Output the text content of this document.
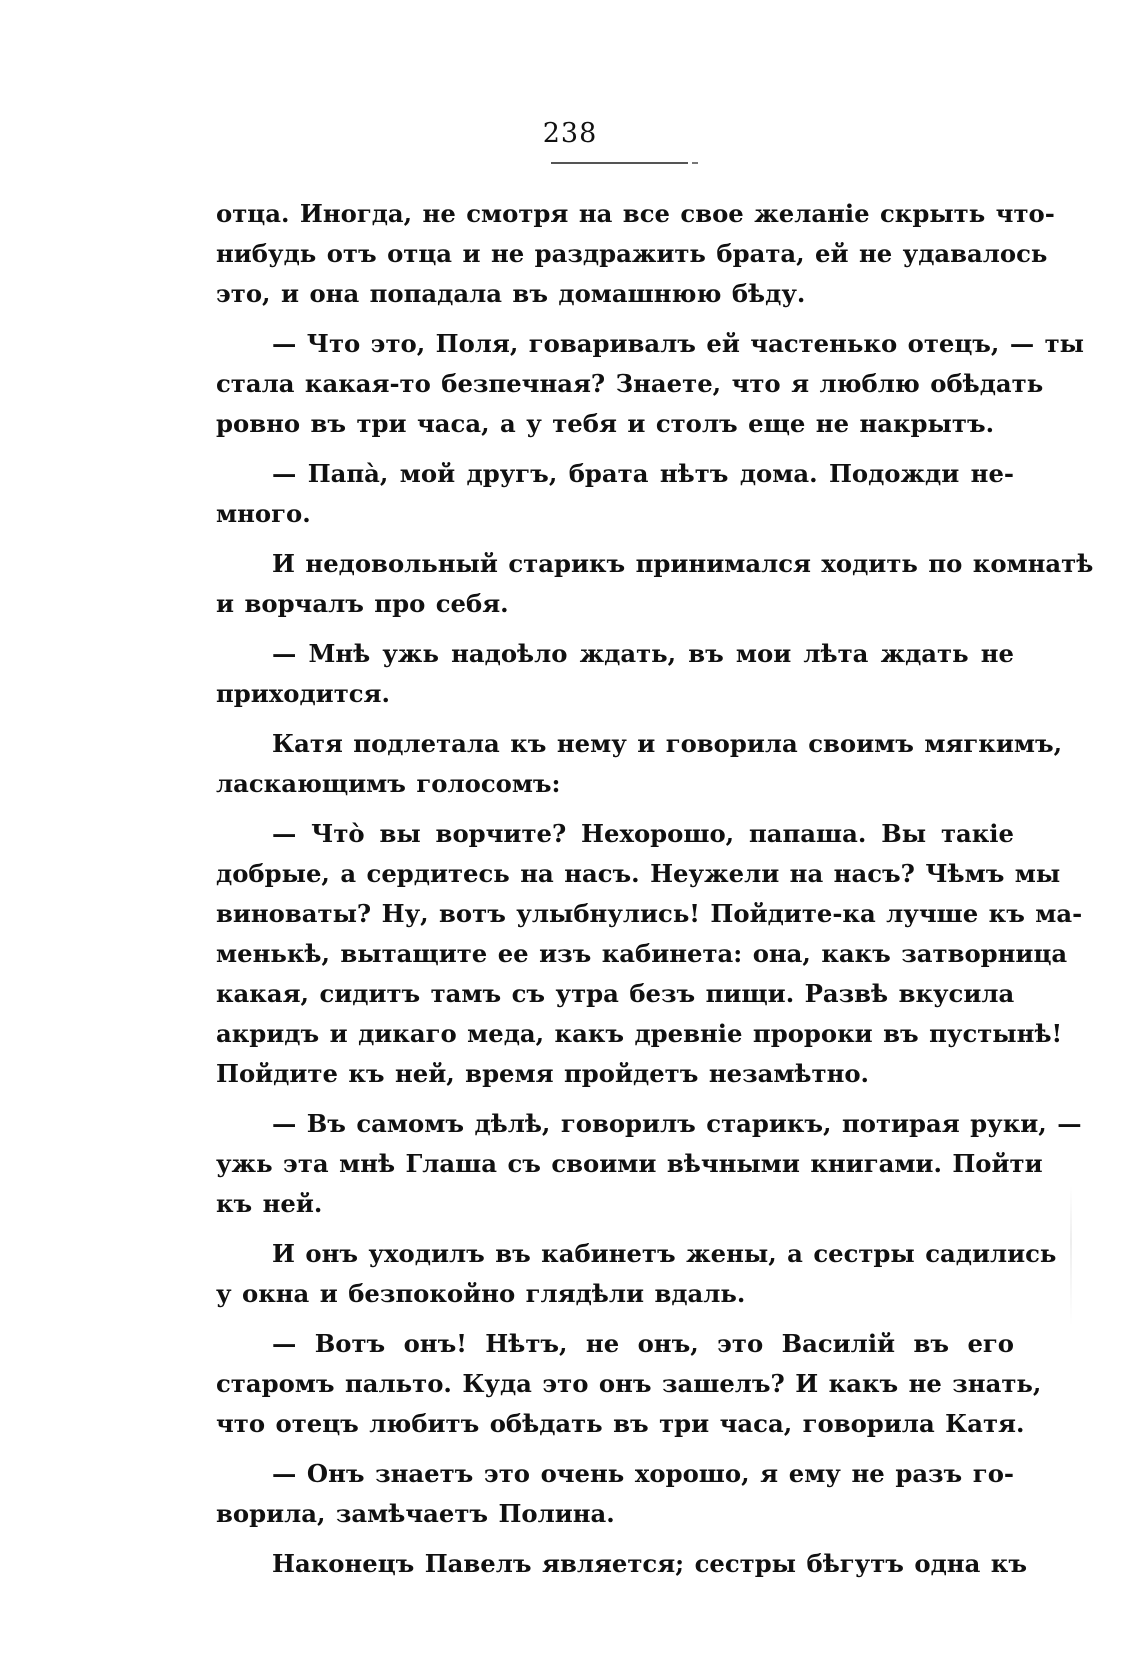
238
отца. Иногда, не смотря на все свое желаніе скрыть что-
нибудь отъ отца и не раздражить брата, ей не удавалось
это, и она попадала въ домашнюю бѣду.
— Что это, Поля, говаривалъ ей частенько отецъ, — ты
стала какая-то безпечная? Знаете, что я люблю обѣдать
ровно въ три часа, а у тебя и столъ еще не накрытъ.
— Папа̀, мой другъ, брата нѣтъ дома. Подожди не-
много.
И недовольный старикъ принимался ходить по комнатѣ
и ворчалъ про себя.
— Мнѣ ужь надоѣло ждать, въ мои лѣта ждать не
приходится.
Катя подлетала къ нему и говорила своимъ мягкимъ,
ласкающимъ голосомъ:
— Что̀ вы ворчите? Нехорошо, папаша. Вы такіе
добрые, а сердитесь на насъ. Неужели на насъ? Чѣмъ мы
виноваты? Ну, вотъ улыбнулись! Пойдите-ка лучше къ ма-
менькѣ, вытащите ее изъ кабинета: она, какъ затворница
какая, сидитъ тамъ съ утра безъ пищи. Развѣ вкусила
акридъ и дикаго меда, какъ древніе пророки въ пустынѣ!
Пойдите къ ней, время пройдетъ незамѣтно.
— Въ самомъ дѣлѣ, говорилъ старикъ, потирая руки, —
ужь эта мнѣ Глаша съ своими вѣчными книгами. Пойти
къ ней.
И онъ уходилъ въ кабинетъ жены, а сестры садились
у окна и безпокойно глядѣли вдаль.
— Вотъ онъ! Нѣтъ, не онъ, это Василій въ его
старомъ пальто. Куда это онъ зашелъ? И какъ не знать,
что отецъ любитъ обѣдать въ три часа, говорила Катя.
— Онъ знаетъ это очень хорошо, я ему не разъ го-
ворила, замѣчаетъ Полина.
Наконецъ Павелъ является; сестры бѣгутъ одна къ
